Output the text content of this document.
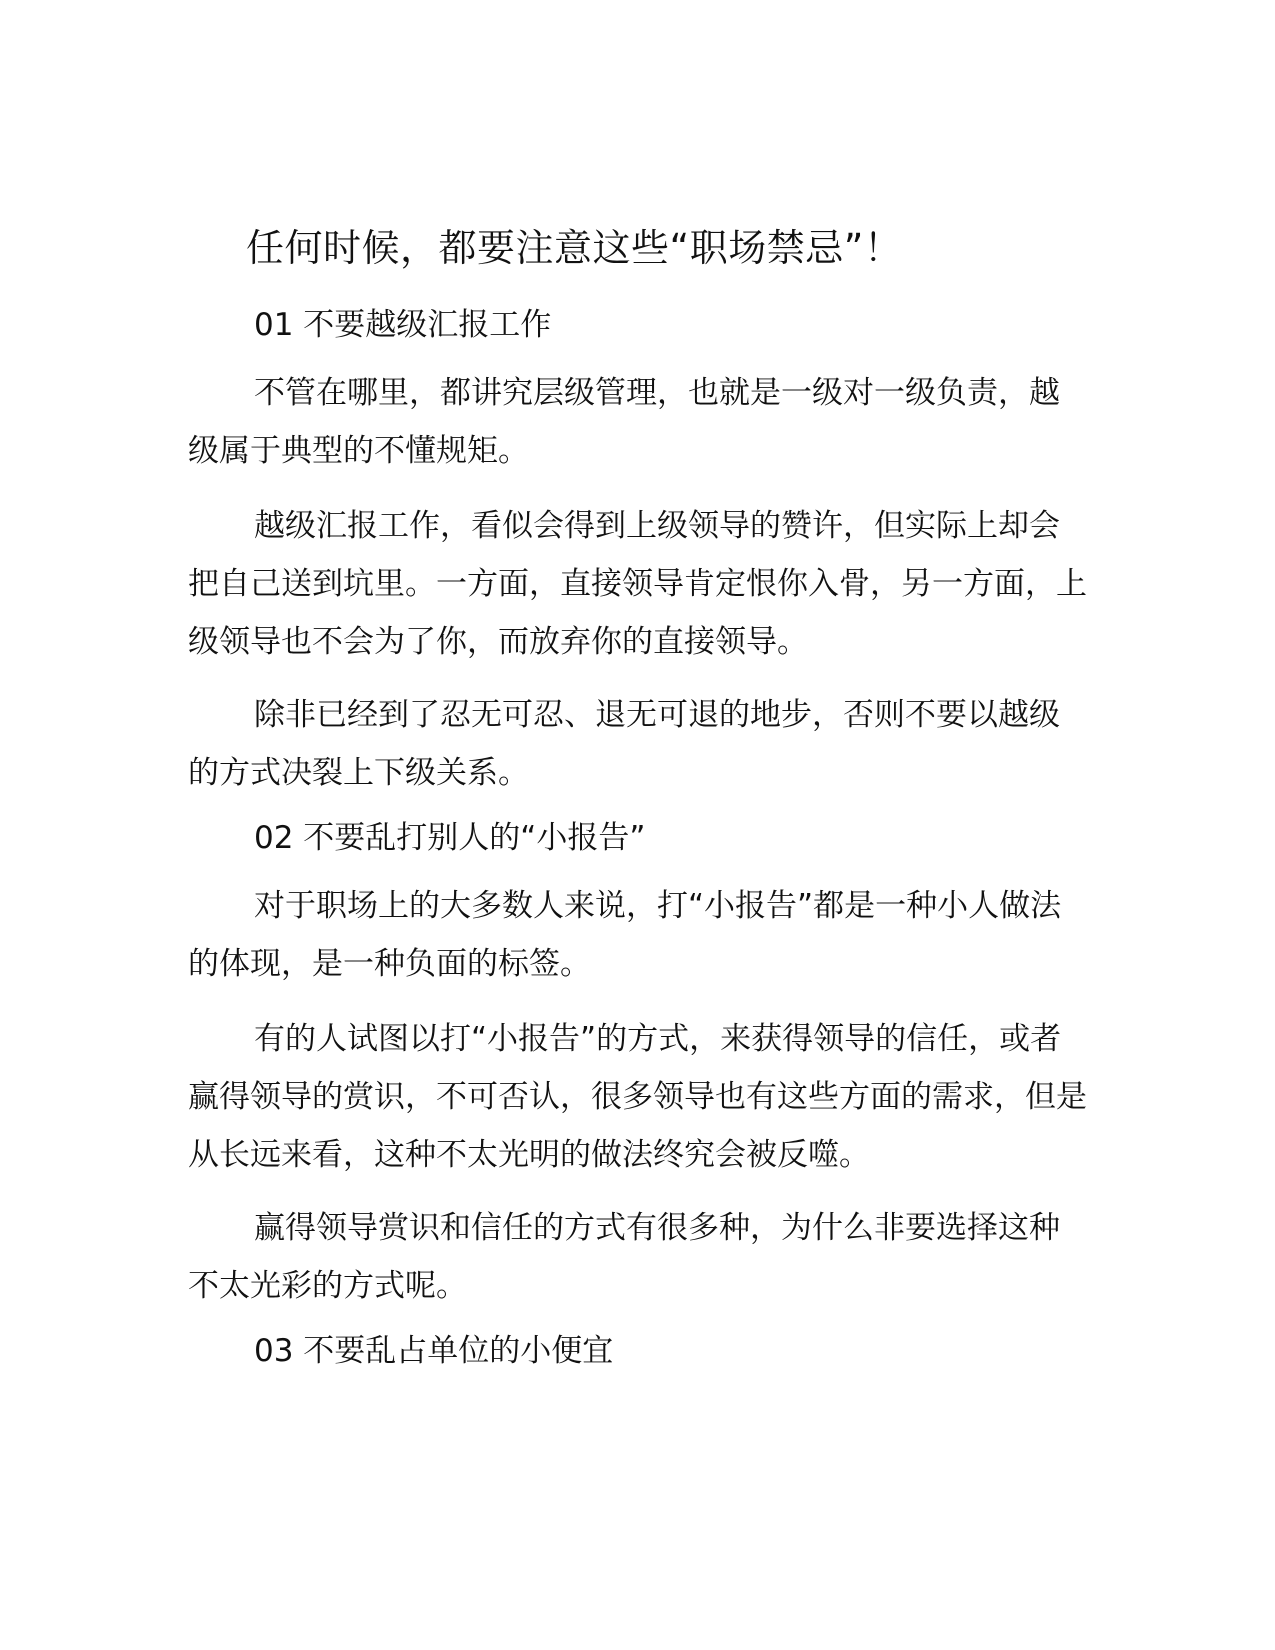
任何时候，都要注意这些“职场禁忌”！

01 不要越级汇报工作

不管在哪里，都讲究层级管理，也就是一级对一级负责，越级属于典型的不懂规矩。

越级汇报工作，看似会得到上级领导的赞许，但实际上却会把自己送到坑里。一方面，直接领导肯定恨你入骨，另一方面，上级领导也不会为了你，而放弃你的直接领导。

除非已经到了忍无可忍、退无可退的地步，否则不要以越级的方式决裂上下级关系。

02 不要乱打别人的“小报告”

对于职场上的大多数人来说，打“小报告”都是一种小人做法的体现，是一种负面的标签。

有的人试图以打“小报告”的方式，来获得领导的信任，或者赢得领导的赏识，不可否认，很多领导也有这些方面的需求，但是从长远来看，这种不太光明的做法终究会被反噬。

赢得领导赏识和信任的方式有很多种，为什么非要选择这种不太光彩的方式呢。

03 不要乱占单位的小便宜
